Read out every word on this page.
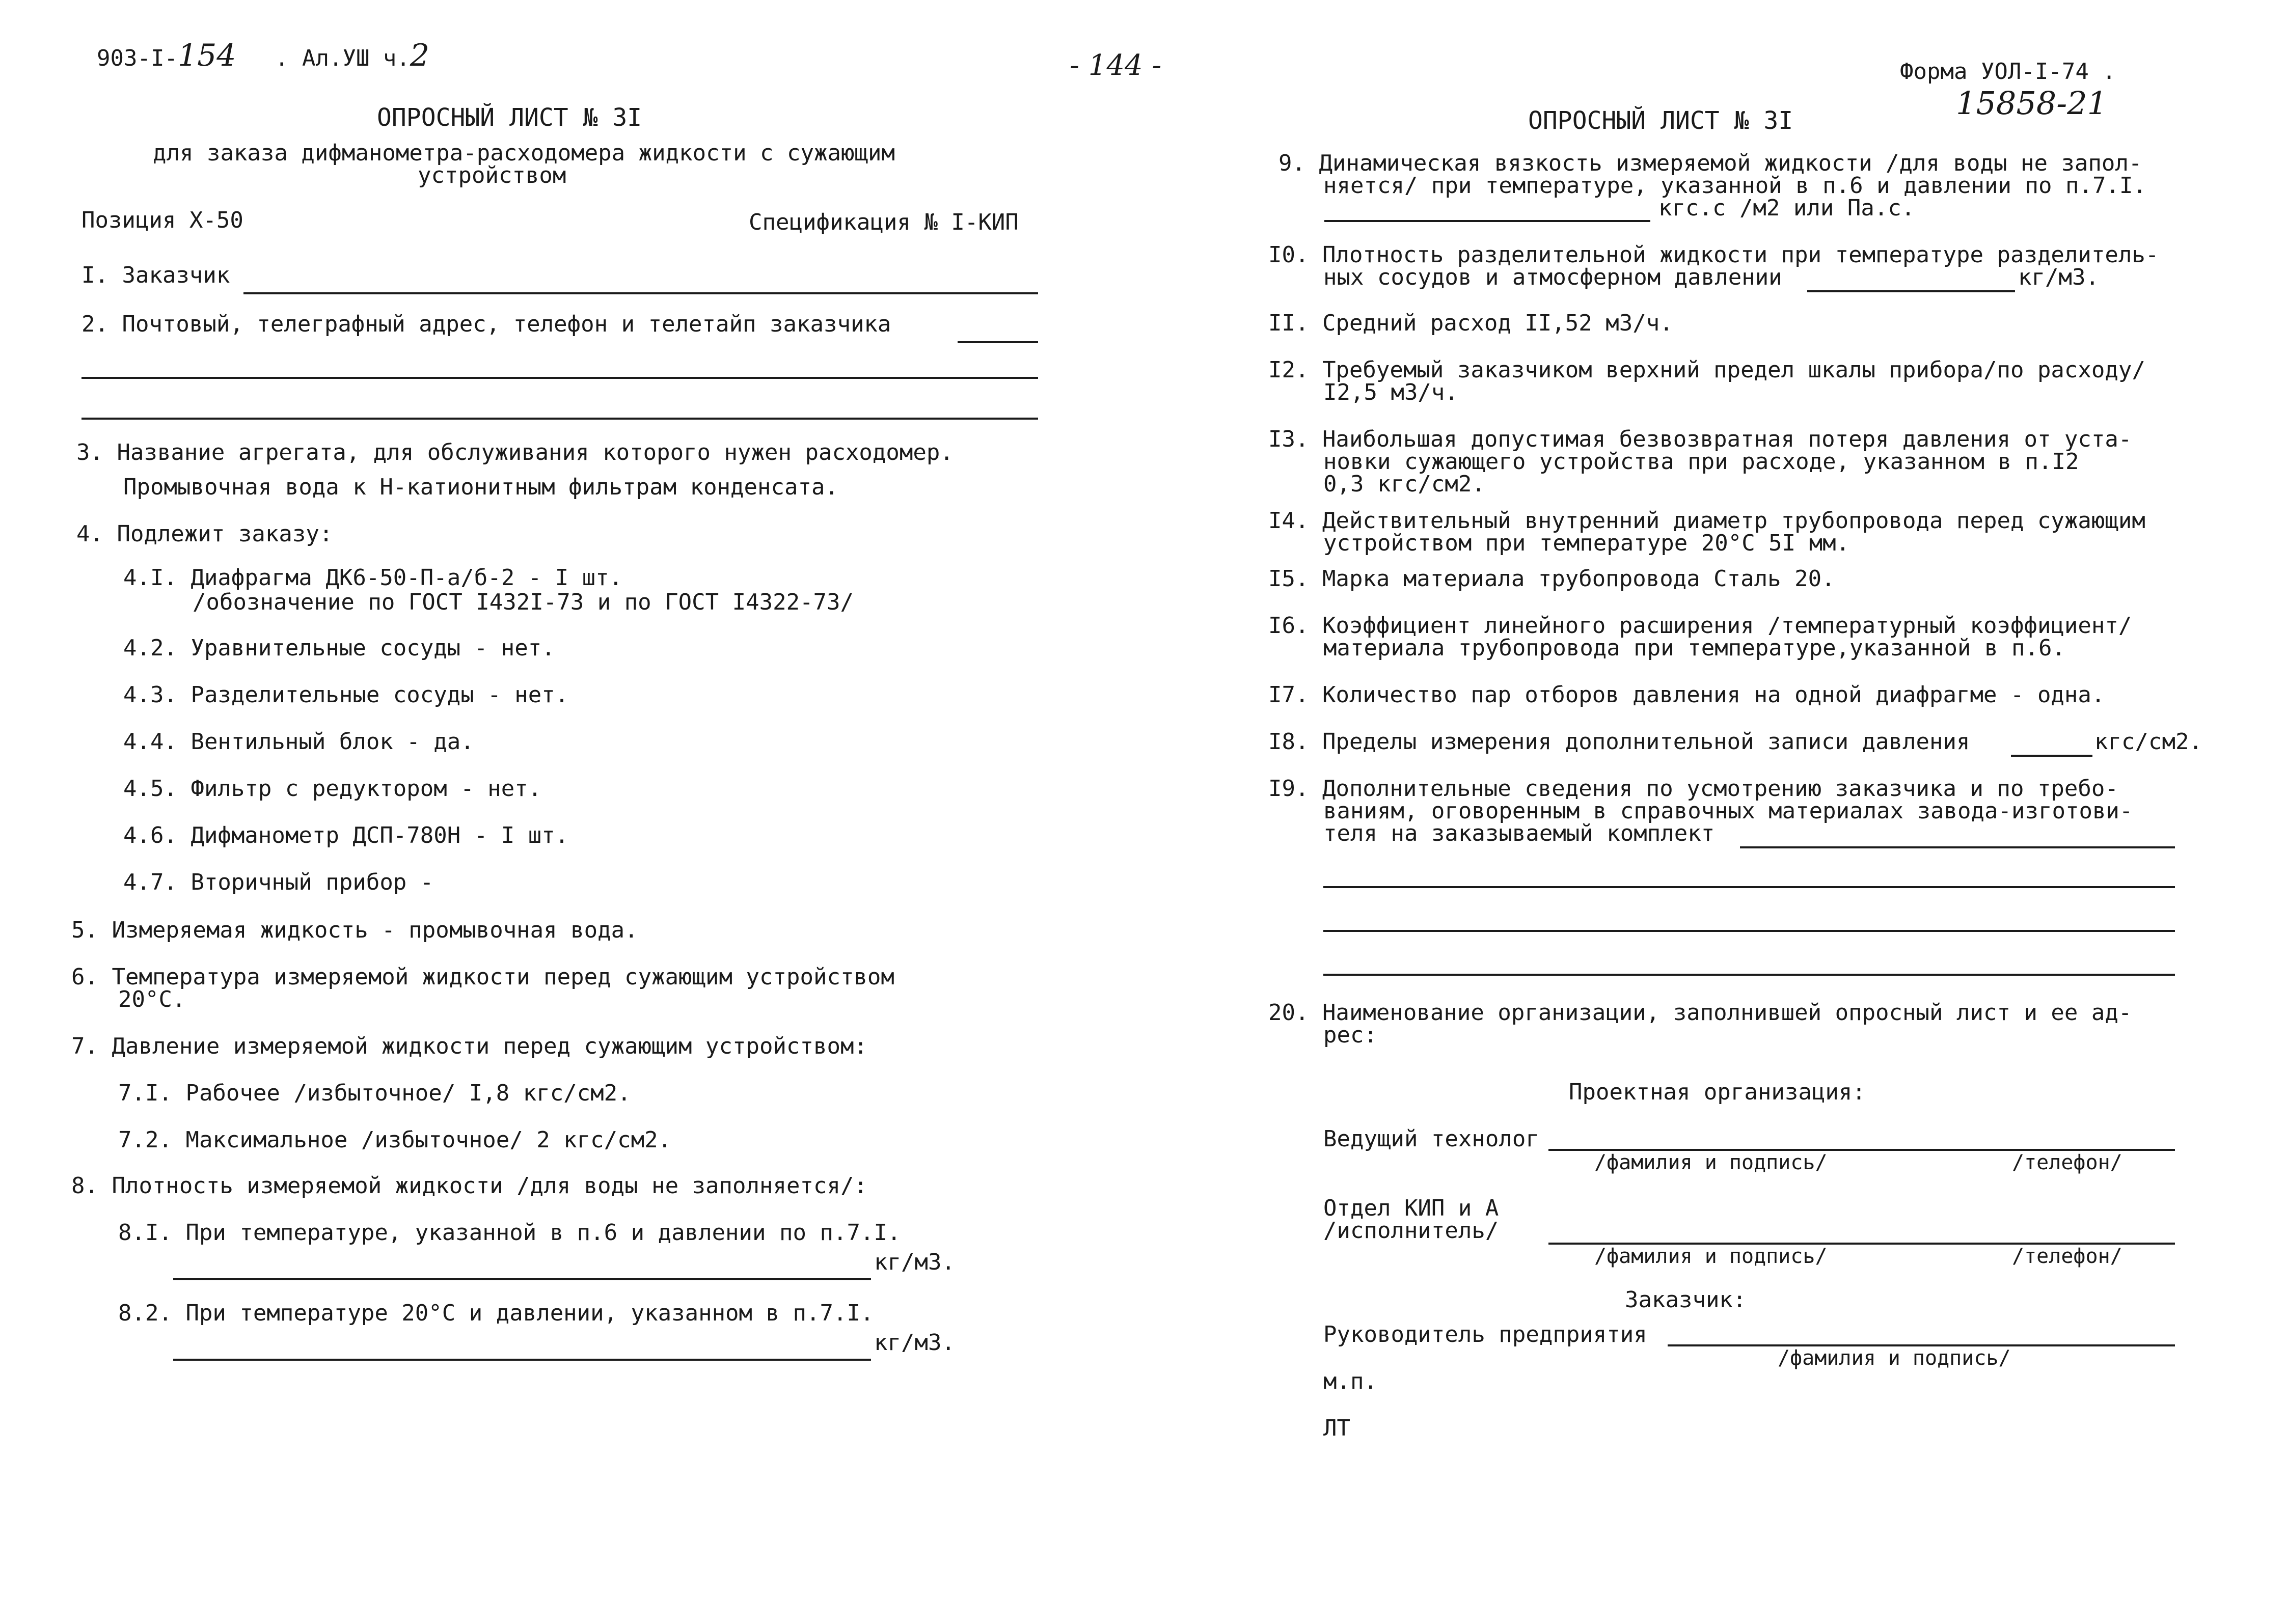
903-I-154 . Ал.УШ ч.2	- 144 -	Форма УОЛ-I-74 .
15858-21
ОПРОСНЫЙ ЛИСТ № 3I
для заказа дифманометра-расходомера жидкости с сужающим
устройством
Позиция Х-50	Спецификация № I-КИП
I. Заказчик
2. Почтовый, телеграфный адрес, телефон и телетайп заказчика
3. Название агрегата, для обслуживания которого нужен расходомер.
Промывочная вода к Н-катионитным фильтрам конденсата.
4. Подлежит заказу:
4.I. Диафрагма ДК6-50-П-а/б-2 - I шт.
/обозначение по ГОСТ I432I-73 и по ГОСТ I4322-73/
4.2. Уравнительные сосуды - нет.
4.3. Разделительные сосуды - нет.
4.4. Вентильный блок - да.
4.5. Фильтр с редуктором - нет.
4.6. Дифманометр ДСП-780Н - I шт.
4.7. Вторичный прибор -
5. Измеряемая жидкость - промывочная вода.
6. Температура измеряемой жидкости перед сужающим устройством
20°С.
7. Давление измеряемой жидкости перед сужающим устройством:
7.I. Рабочее /избыточное/ I,8 кгс/см2.
7.2. Максимальное /избыточное/ 2 кгс/см2.
8. Плотность измеряемой жидкости /для воды не заполняется/:
8.I. При температуре, указанной в п.6 и давлении по п.7.I.
кг/м3.
8.2. При температуре 20°С и давлении, указанном в п.7.I.
кг/м3.
ОПРОСНЫЙ ЛИСТ № 3I
9. Динамическая вязкость измеряемой жидкости /для воды не запол-
няется/ при температуре, указанной в п.6 и давлении по п.7.I.
кгс.с /м2 или Па.с.
I0. Плотность разделительной жидкости при температуре разделитель-
ных сосудов и атмосферном давлении	кг/м3.
II. Средний расход II,52 м3/ч.
I2. Требуемый заказчиком верхний предел шкалы прибора/по расходу/
I2,5 м3/ч.
I3. Наибольшая допустимая безвозвратная потеря давления от уста-
новки сужающего устройства при расходе, указанном в п.I2
0,3 кгс/см2.
I4. Действительный внутренний диаметр трубопровода перед сужающим
устройством при температуре 20°С 5I мм.
I5. Марка материала трубопровода Сталь 20.
I6. Коэффициент линейного расширения /температурный коэффициент/
материала трубопровода при температуре,указанной в п.6.
I7. Количество пар отборов давления на одной диафрагме - одна.
I8. Пределы измерения дополнительной записи давления	кгс/см2.
I9. Дополнительные сведения по усмотрению заказчика и по требо-
ваниям, оговоренным в справочных материалах завода-изготови-
теля на заказываемый комплект
20. Наименование организации, заполнившей опросный лист и ее ад-
рес:
Проектная организация:
Ведущий технолог
/фамилия и подпись/	/телефон/
Отдел КИП и А
/исполнитель/
/фамилия и подпись/	/телефон/
Заказчик:
Руководитель предприятия
/фамилия и подпись/
м.п.
ЛТ
